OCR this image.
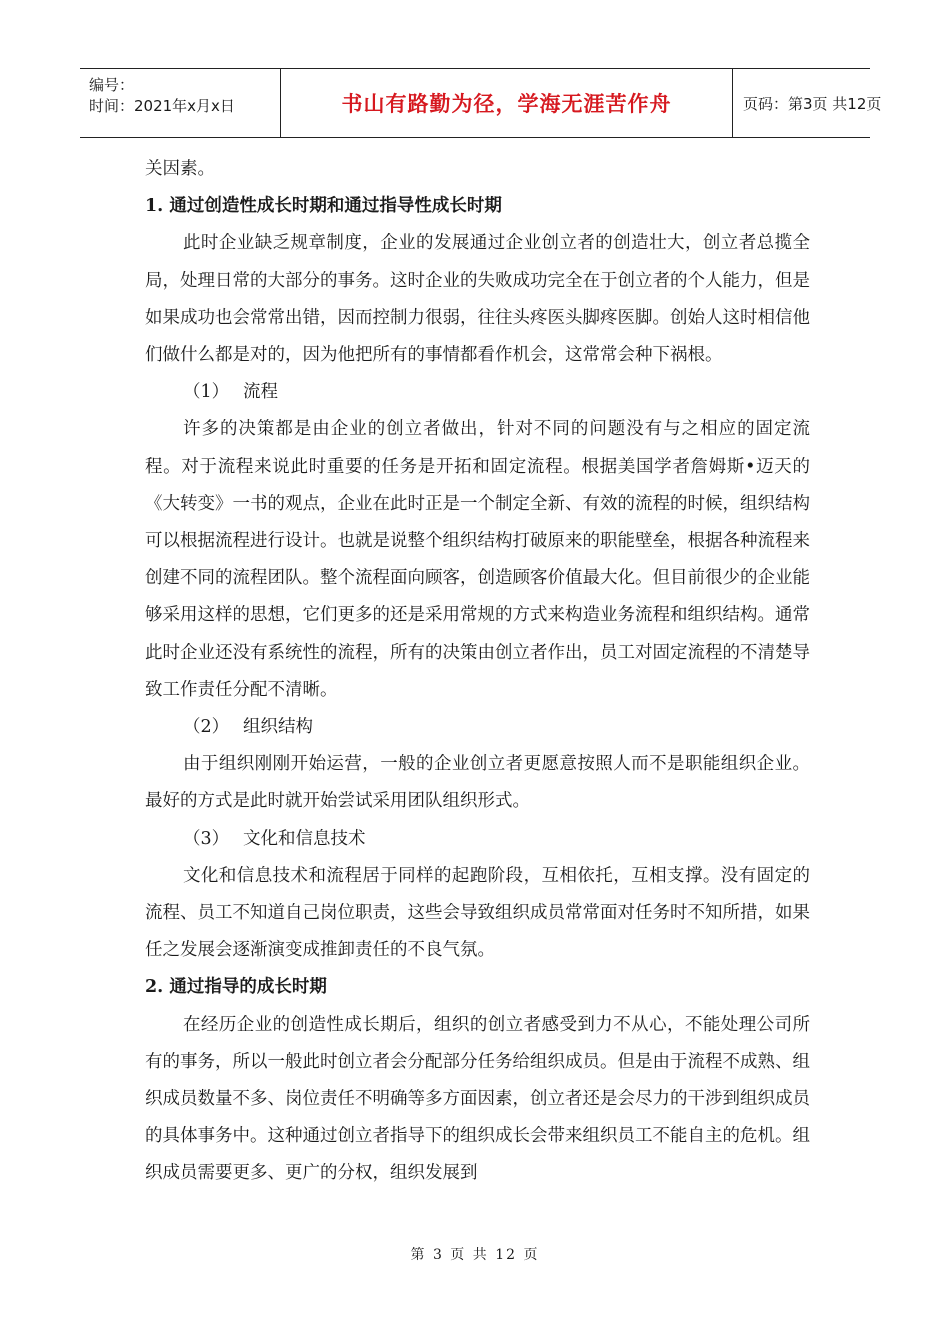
编号：
时间：2021年x月x日	书山有路勤为径，学海无涯苦作舟	页码：第3页 共12页

关因素。

1. 通过创造性成长时期和通过指导性成长时期

此时企业缺乏规章制度，企业的发展通过企业创立者的创造壮大，创立者总揽全局，处理日常的大部分的事务。这时企业的失败成功完全在于创立者的个人能力，但是如果成功也会常常出错，因而控制力很弱，往往头疼医头脚疼医脚。创始人这时相信他们做什么都是对的，因为他把所有的事情都看作机会，这常常会种下祸根。

（1） 流程

许多的决策都是由企业的创立者做出，针对不同的问题没有与之相应的固定流程。对于流程来说此时重要的任务是开拓和固定流程。根据美国学者詹姆斯•迈天的《大转变》一书的观点，企业在此时正是一个制定全新、有效的流程的时候，组织结构可以根据流程进行设计。也就是说整个组织结构打破原来的职能壁垒，根据各种流程来创建不同的流程团队。整个流程面向顾客，创造顾客价值最大化。但目前很少的企业能够采用这样的思想，它们更多的还是采用常规的方式来构造业务流程和组织结构。通常此时企业还没有系统性的流程，所有的决策由创立者作出，员工对固定流程的不清楚导致工作责任分配不清晰。

（2） 组织结构

由于组织刚刚开始运营，一般的企业创立者更愿意按照人而不是职能组织企业。最好的方式是此时就开始尝试采用团队组织形式。

（3） 文化和信息技术

文化和信息技术和流程居于同样的起跑阶段，互相依托，互相支撑。没有固定的流程、员工不知道自己岗位职责，这些会导致组织成员常常面对任务时不知所措，如果任之发展会逐渐演变成推卸责任的不良气氛。

2. 通过指导的成长时期

在经历企业的创造性成长期后，组织的创立者感受到力不从心，不能处理公司所有的事务，所以一般此时创立者会分配部分任务给组织成员。但是由于流程不成熟、组织成员数量不多、岗位责任不明确等多方面因素，创立者还是会尽力的干涉到组织成员的具体事务中。这种通过创立者指导下的组织成长会带来组织员工不能自主的危机。组织成员需要更多、更广的分权，组织发展到

第 3 页 共 12 页
